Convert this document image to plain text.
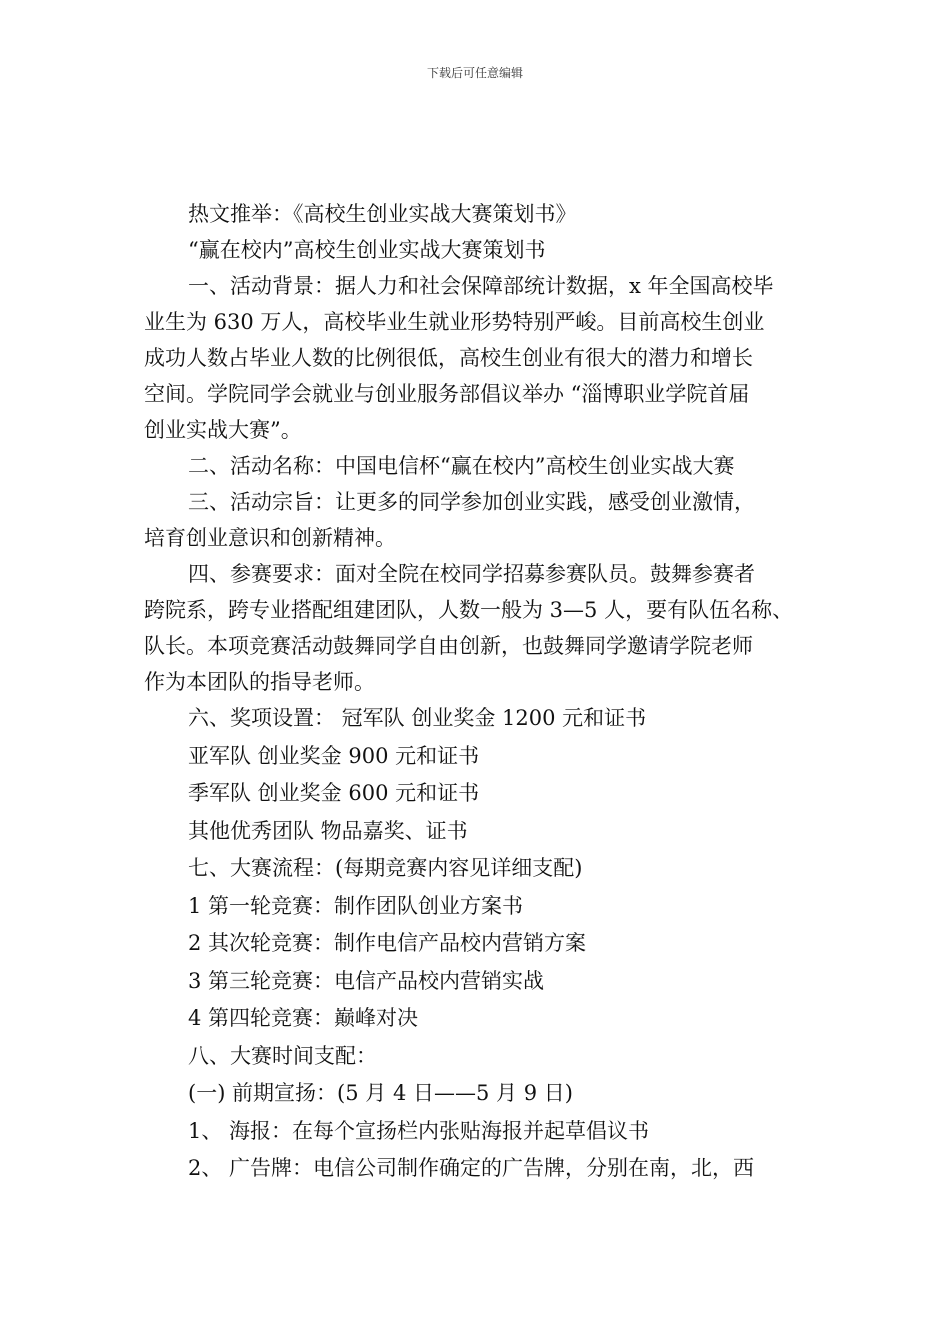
下载后可任意编辑
热文推举：《高校生创业实战大赛策划书》
“赢在校内”高校生创业实战大赛策划书
一、活动背景：据人力和社会保障部统计数据，x 年全国高校毕
业生为 630 万人，高校毕业生就业形势特别严峻。目前高校生创业
成功人数占毕业人数的比例很低，高校生创业有很大的潜力和增长
空间。学院同学会就业与创业服务部倡议举办 “淄博职业学院首届
创业实战大赛”。
二、活动名称：中国电信杯“赢在校内”高校生创业实战大赛
三、活动宗旨：让更多的同学参加创业实践，感受创业激情，
培育创业意识和创新精神。
四、参赛要求：面对全院在校同学招募参赛队员。鼓舞参赛者
跨院系，跨专业搭配组建团队，人数一般为 3—5 人，要有队伍名称、
队长。本项竞赛活动鼓舞同学自由创新，也鼓舞同学邀请学院老师
作为本团队的指导老师。
六、奖项设置： 冠军队 创业奖金 1200 元和证书
亚军队 创业奖金 900 元和证书
季军队 创业奖金 600 元和证书
其他优秀团队 物品嘉奖、证书
七、大赛流程：(每期竞赛内容见详细支配)
1 第一轮竞赛：制作团队创业方案书
2 其次轮竞赛：制作电信产品校内营销方案
3 第三轮竞赛：电信产品校内营销实战
4 第四轮竞赛：巅峰对决
八、大赛时间支配：
(一) 前期宣扬：(5 月 4 日——5 月 9 日)
1、 海报：在每个宣扬栏内张贴海报并起草倡议书
2、 广告牌：电信公司制作确定的广告牌，分别在南，北，西
